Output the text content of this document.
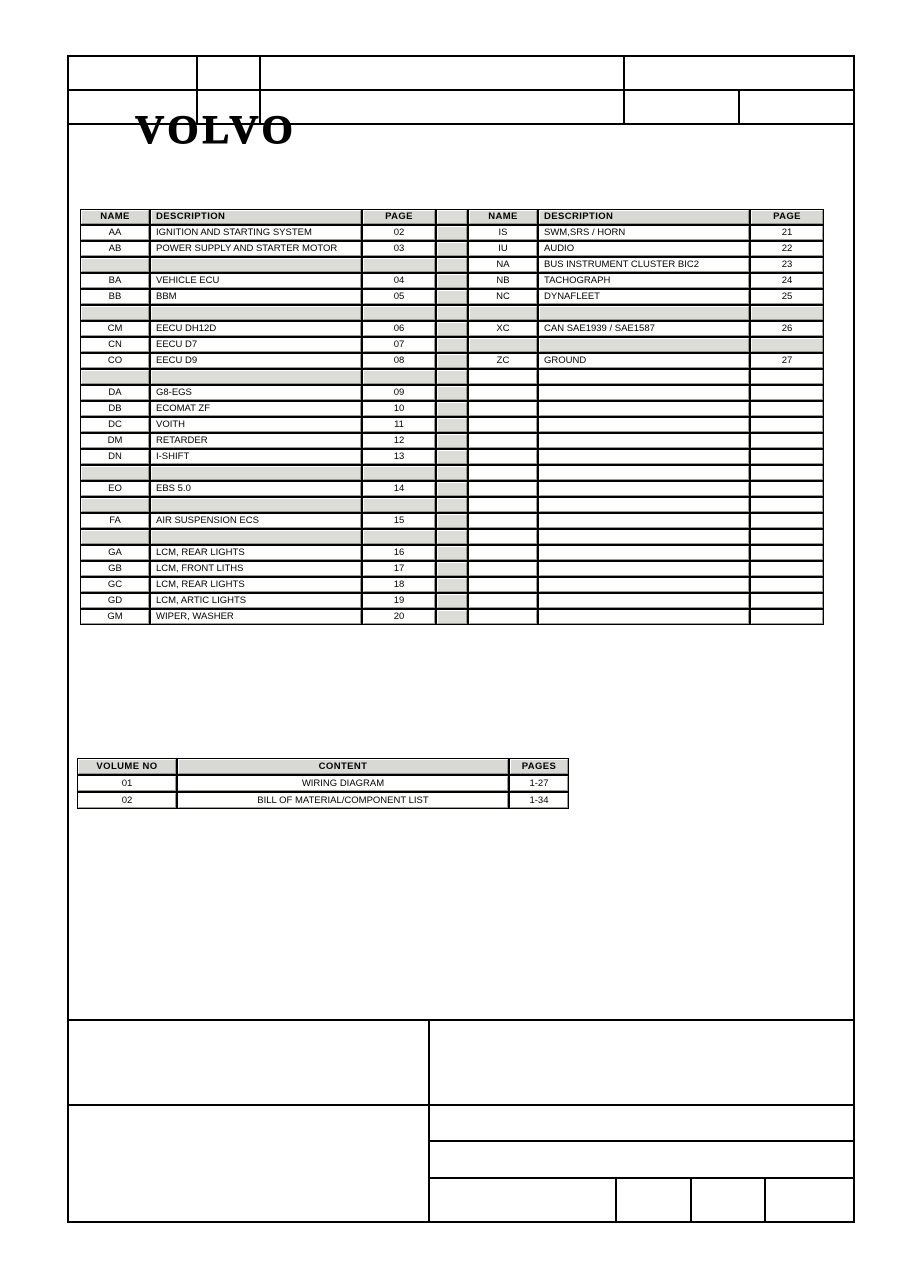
NAME	DESCRIPTION	PAGE		NAME	DESCRIPTION	PAGE
AA	IGNITION AND STARTING SYSTEM	02		IS	SWM,SRS / HORN	21
AB	POWER SUPPLY AND STARTER MOTOR	03		IU	AUDIO	22
				NA	BUS INSTRUMENT CLUSTER BIC2	23
BA	VEHICLE ECU	04		NB	TACHOGRAPH	24
BB	BBM	05		NC	DYNAFLEET	25

CM	EECU DH12D	06		XC	CAN SAE1939 / SAE1587	26
CN	EECU D7	07				
CO	EECU D9	08		ZC	GROUND	27

DA	G8-EGS	09				
DB	ECOMAT ZF	10				
DC	VOITH	11				
DM	RETARDER	12				
DN	I-SHIFT	13				

EO	EBS 5.0	14				

FA	AIR SUSPENSION ECS	15				

GA	LCM, REAR LIGHTS	16				
GB	LCM, FRONT LITHS	17				
GC	LCM, REAR LIGHTS	18				
GD	LCM, ARTIC LIGHTS	19				
GM	WIPER, WASHER	20				
VOLUME NO	CONTENT	PAGES
01	WIRING DIAGRAM	1-27
02	BILL OF MATERIAL/COMPONENT LIST	1-34
VOLVO
